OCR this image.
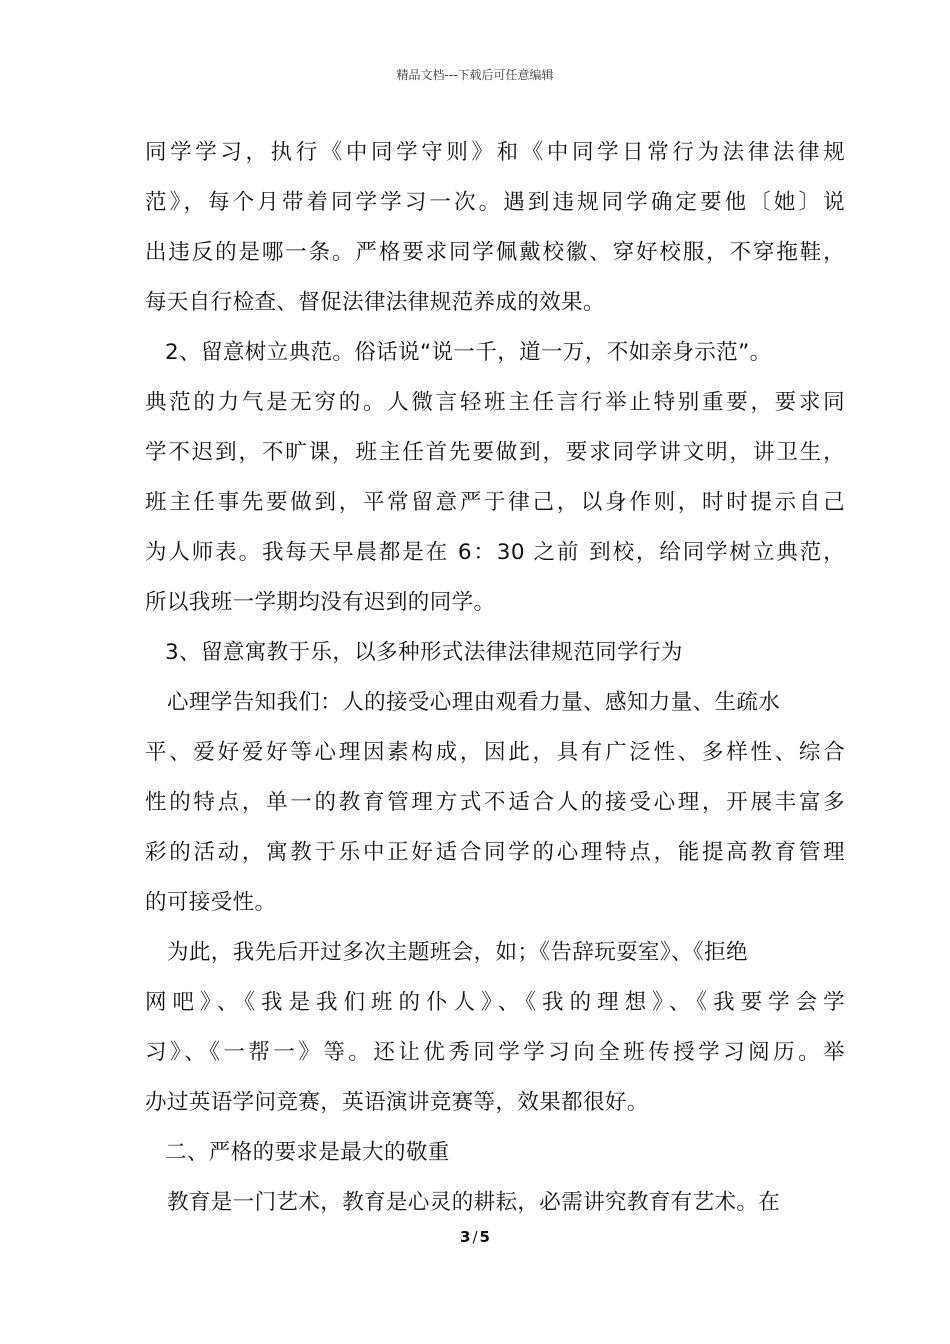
精品文档---下载后可任意编辑
同学学习，执行《中同学守则》和《中同学日常行为法律法律规
范》，每个月带着同学学习一次。遇到违规同学确定要他〔她〕说
出违反的是哪一条。严格要求同学佩戴校徽、穿好校服，不穿拖鞋，
每天自行检查、督促法律法律规范养成的效果。
2、留意树立典范。俗话说“说一千，道一万，不如亲身示范”。
典范的力气是无穷的。人微言轻班主任言行举止特别重要，要求同
学不迟到，不旷课，班主任首先要做到，要求同学讲文明，讲卫生，
班主任事先要做到，平常留意严于律己，以身作则，时时提示自己
为人师表。我每天早晨都是在 6：30 之前 到校，给同学树立典范，
所以我班一学期均没有迟到的同学。
3、留意寓教于乐，以多种形式法律法律规范同学行为
心理学告知我们：人的接受心理由观看力量、感知力量、生疏水
平、爱好爱好等心理因素构成，因此，具有广泛性、多样性、综合
性的特点，单一的教育管理方式不适合人的接受心理，开展丰富多
彩的活动，寓教于乐中正好适合同学的心理特点，能提高教育管理
的可接受性。
为此，我先后开过多次主题班会，如；《告辞玩耍室》、《拒绝
网吧》、《我是我们班的仆人》、《我的理想》、《我要学会学
习》、《一帮一》等。还让优秀同学学习向全班传授学习阅历。举
办过英语学问竞赛，英语演讲竞赛等，效果都很好。
二、严格的要求是最大的敬重
教育是一门艺术，教育是心灵的耕耘，必需讲究教育有艺术。在
3 / 5
